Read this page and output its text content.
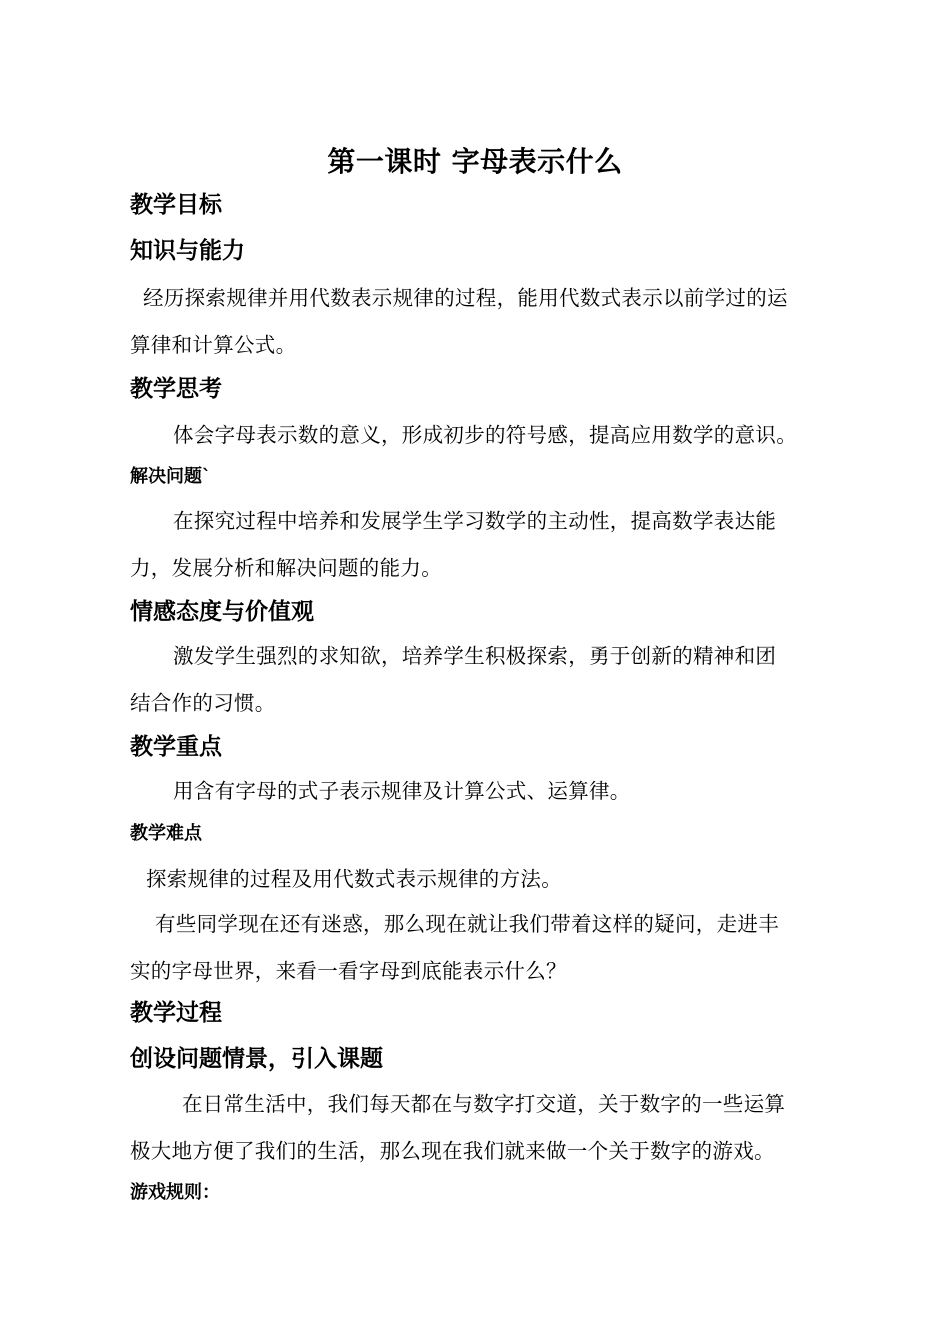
第一课时 字母表示什么
教学目标
知识与能力
经历探索规律并用代数表示规律的过程，能用代数式表示以前学过的运
算律和计算公式。
教学思考
体会字母表示数的意义，形成初步的符号感，提高应用数学的意识。
解决问题`
在探究过程中培养和发展学生学习数学的主动性，提高数学表达能
力，发展分析和解决问题的能力。
情感态度与价值观
激发学生强烈的求知欲，培养学生积极探索，勇于创新的精神和团
结合作的习惯。
教学重点
用含有字母的式子表示规律及计算公式、运算律。
教学难点
探索规律的过程及用代数式表示规律的方法。
有些同学现在还有迷惑，那么现在就让我们带着这样的疑问，走进丰
实的字母世界，来看一看字母到底能表示什么？
教学过程
创设问题情景，引入课题
在日常生活中，我们每天都在与数字打交道，关于数字的一些运算
极大地方便了我们的生活，那么现在我们就来做一个关于数字的游戏。
游戏规则：
